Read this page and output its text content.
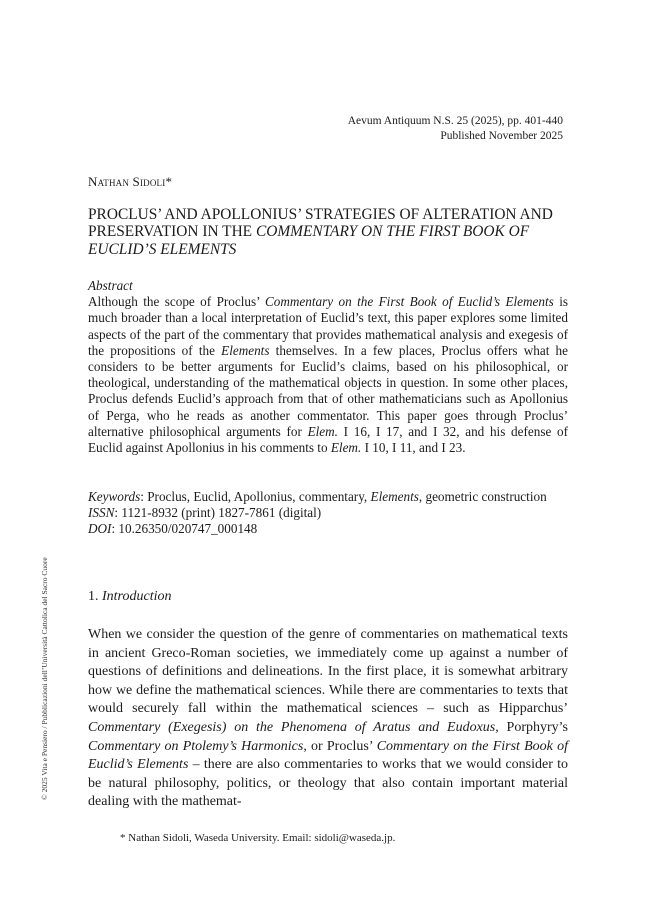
Aevum Antiquum N.S. 25 (2025), pp. 401-440
Published November 2025
Nathan Sidoli*
PROCLUS’ AND APOLLONIUS’ STRATEGIES OF ALTERATION AND PRESERVATION IN THE COMMENTARY ON THE FIRST BOOK OF EUCLID’S ELEMENTS
Abstract
Although the scope of Proclus’ Commentary on the First Book of Euclid’s Elements is much broader than a local interpretation of Euclid’s text, this paper explores some limited aspects of the part of the commentary that provides mathematical analysis and exegesis of the propositions of the Elements themselves. In a few places, Proclus offers what he considers to be better arguments for Euclid’s claims, based on his philosophical, or theological, understanding of the mathematical objects in question. In some other places, Proclus defends Euclid’s approach from that of other mathematicians such as Apollonius of Perga, who he reads as another commentator. This paper goes through Proclus’ alternative philosophical arguments for Elem. I 16, I 17, and I 32, and his defense of Euclid against Apollonius in his comments to Elem. I 10, I 11, and I 23.
Keywords: Proclus, Euclid, Apollonius, commentary, Elements, geometric construction
ISSN: 1121-8932 (print) 1827-7861 (digital)
DOI: 10.26350/020747_000148
1. Introduction
When we consider the question of the genre of commentaries on mathematical texts in ancient Greco-Roman societies, we immediately come up against a number of questions of definitions and delineations. In the first place, it is somewhat arbitrary how we define the mathematical sciences. While there are commentaries to texts that would securely fall within the mathematical sciences – such as Hipparchus’ Commentary (Exegesis) on the Phenomena of Aratus and Eudoxus, Porphyry’s Commentary on Ptolemy’s Harmonics, or Proclus’ Commentary on the First Book of Euclid’s Elements – there are also commentaries to works that we would consider to be natural philosophy, politics, or theology that also contain important material dealing with the mathemat-
* Nathan Sidoli, Waseda University. Email: sidoli@waseda.jp.
© 2025 Vita e Pensiero / Pubblicazioni dell’Università Cattolica del Sacro Cuore
